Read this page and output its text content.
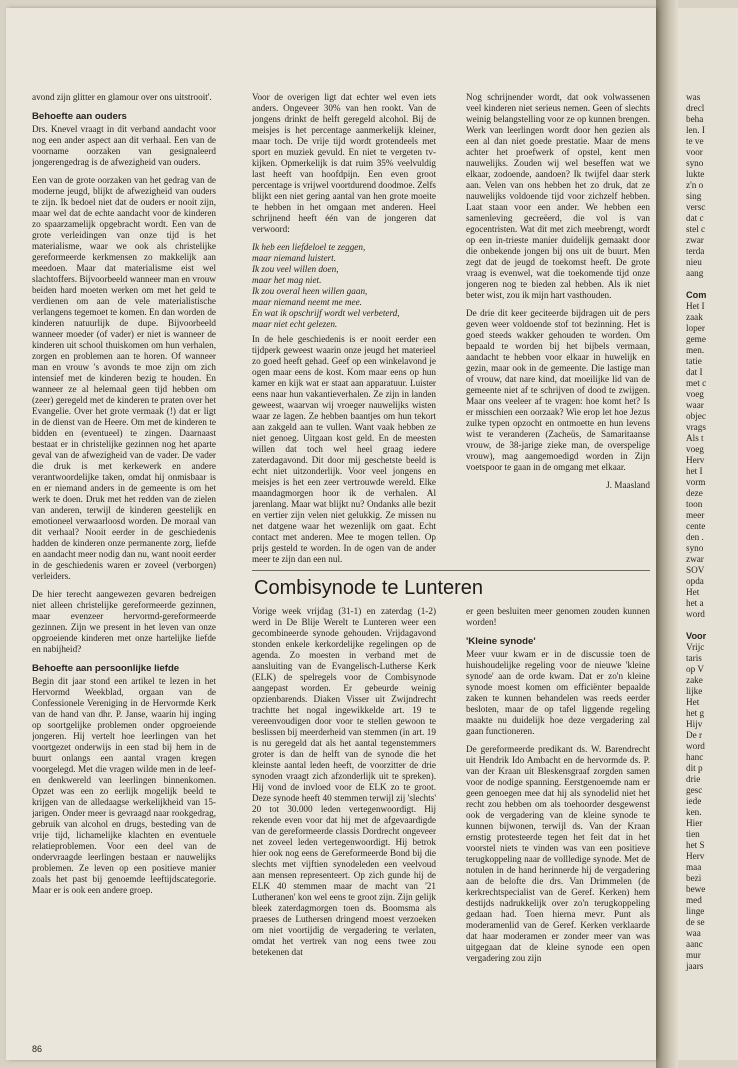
avond zijn glitter en glamour over ons uitstrooit'.

Behoefte aan ouders

Drs. Knevel vraagt in dit verband aandacht voor nog een ander aspect aan dit verhaal. Een van de voorname oorzaken van gesignaleerd jongerengedrag is de afwezigheid van ouders.

Een van de grote oorzaken van het gedrag van de moderne jeugd, blijkt de afwezigheid van ouders te zijn. Ik bedoel niet dat de ouders er nooit zijn, maar wel dat de echte aandacht voor de kinderen zo spaarzamelijk opgebracht wordt. Een van de grote verleidingen van onze tijd is het materialisme, waar we ook als christelijke gereformeerde kerkmensen zo makkelijk aan meedoen. Maar dat materialisme eist wel slachtoffers. Bijvoorbeeld wanneer man en vrouw beiden hard moeten werken om met het geld te verdienen om aan de vele materialistische verlangens tegemoet te komen. En dan worden de kinderen natuurlijk de dupe. Bijvoorbeeld wanneer moeder (of vader) er niet is wanneer de kinderen uit school thuiskomen om hun verhalen, zorgen en problemen aan te horen. Of wanneer man en vrouw 's avonds te moe zijn om zich intensief met de kinderen bezig te houden. En wanneer ze al helemaal geen tijd hebben om (zeer) geregeld met de kinderen te praten over het Evangelie. Over het grote vermaak (!) dat er ligt in de dienst van de Heere. Om met de kinderen te bidden en (eventueel) te zingen. Daarnaast bestaat er in christelijke gezinnen nog het aparte geval van de afwezigheid van de vader. De vader die druk is met kerkewerk en andere verantwoordelijke taken, omdat hij onmisbaar is en er niemand anders in de gemeente is om het werk te doen. Druk met het redden van de zielen van anderen, terwijl de kinderen geestelijk en emotioneel verwaarloosd worden. De moraal van dit verhaal? Nooit eerder in de geschiedenis hadden de kinderen onze permanente zorg, liefde en aandacht meer nodig dan nu, want nooit eerder in de geschiedenis waren er zoveel (verborgen) verleiders.

De hier terecht aangewezen gevaren bedreigen niet alleen christelijke gereformeerde gezinnen, maar evenzeer hervormd-gereformeerde gezinnen. Zijn we present in het leven van onze opgroeiende kinderen met onze hartelijke liefde en nabijheid?

Behoefte aan persoonlijke liefde

Begin dit jaar stond een artikel te lezen in het Hervormd Weekblad, orgaan van de Confessionele Vereniging in de Hervormde Kerk van de hand van dhr. P. Janse, waarin hij inging op soortgelijke problemen onder opgroeiende jongeren. Hij vertelt hoe leerlingen van het voortgezet onderwijs in een stad bij hem in de buurt onlangs een aantal vragen kregen voorgelegd. Met die vragen wilde men in de leef- en denkwereld van leerlingen binnenkomen. Opzet was een zo eerlijk mogelijk beeld te krijgen van de alledaagse werkelijkheid van 15-jarigen. Onder meer is gevraagd naar rookgedrag, gebruik van alcohol en drugs, besteding van de vrije tijd, lichamelijke klachten en eventuele relatieproblemen. Voor een deel van de ondervraagde leerlingen bestaan er nauwelijks problemen. Ze leven op een positieve manier zoals het past bij genoemde leeftijdscategorie. Maar er is ook een andere groep.

Voor de overigen ligt dat echter wel even iets anders. Ongeveer 30% van hen rookt. Van de jongens drinkt de helft geregeld alcohol. Bij de meisjes is het percentage aanmerkelijk kleiner, maar toch. De vrije tijd wordt grotendeels met sport en muziek gevuld. En niet te vergeten tv-kijken. Opmerkelijk is dat ruim 35% veelvuldig last heeft van hoofdpijn. Een even groot percentage is vrijwel voortdurend doodmoe. Zelfs blijkt een niet gering aantal van hen grote moeite te hebben in het omgaan met anderen. Heel schrijnend heeft één van de jongeren dat verwoord:

Ik heb een liefdeloel te zeggen,
maar niemand luistert.
Ik zou veel willen doen,
maar het mag niet.
Ik zou overal heen willen gaan,
maar niemand neemt me mee.
En wat ik opschrijf wordt wel verbeterd,
maar niet echt gelezen.

In de hele geschiedenis is er nooit eerder een tijdperk geweest waarin onze jeugd het materieel zo goed heeft gehad. Geef op een winkelavond je ogen maar eens de kost. Kom maar eens op hun kamer en kijk wat er staat aan apparatuur. Luister eens naar hun vakantieverhalen. Ze zijn in landen geweest, waarvan wij vroeger nauwelijks wisten waar ze lagen. Ze hebben baantjes om hun tekort aan zakgeld aan te vullen. Want vaak hebben ze niet genoeg. Uitgaan kost geld. En de meesten willen dat toch wel heel graag iedere zaterdagavond. Dit door mij geschetste beeld is echt niet uitzonderlijk. Voor veel jongens en meisjes is het een zeer vertrouwde wereld. Elke maandagmorgen hoor ik de verhalen. Al jarenlang. Maar wat blijkt nu? Ondanks alle bezit en vertier zijn velen niet gelukkig. Ze missen nu net datgene waar het wezenlijk om gaat. Echt contact met anderen. Mee te mogen tellen. Op prijs gesteld te worden. In de ogen van de ander meer te zijn dan een nul.

Nog schrijnender wordt, dat ook volwassenen veel kinderen niet serieus nemen. Geen of slechts weinig belangstelling voor ze op kunnen brengen. Werk van leerlingen wordt door hen gezien als een al dan niet goede prestatie. Maar de mens achter het proefwerk of opstel, kent men nauwelijks. Zouden wij wel beseffen wat we elkaar, zodoende, aandoen? Ik twijfel daar sterk aan. Velen van ons hebben het zo druk, dat ze nauwelijks voldoende tijd voor zichzelf hebben. Laat staan voor een ander. We hebben een samenleving gecreëerd, die vol is van egocentristen. Wat dit met zich meebrengt, wordt op een in-trieste manier duidelijk gemaakt door die onbekende jongen bij ons uit de buurt. Men zegt dat de jeugd de toekomst heeft. De grote vraag is evenwel, wat die toekomende tijd onze jongeren nog te bieden zal hebben. Als ik niet beter wist, zou ik mijn hart vasthouden.

De drie dit keer geciteerde bijdragen uit de pers geven weer voldoende stof tot bezinning. Het is goed steeds wakker gehouden te worden. Om bepaald te worden bij het bijbels vermaan, aandacht te hebben voor elkaar in huwelijk en gezin, maar ook in de gemeente. Die lastige man of vrouw, dat nare kind, dat moeilijke lid van de gemeente niet af te schrijven of dood te zwijgen. Maar ons veeleer af te vragen: hoe komt het? Is er misschien een oorzaak? Wie erop let hoe Jezus zulke typen opzocht en ontmoette en hun levens wist te veranderen (Zacheüs, de Samaritaanse vrouw, de 38-jarige zieke man, de overspelige vrouw), mag aangemoedigd worden in Zijn voetspoor te gaan in de omgang met elkaar.

J. Maasland

Combisynode te Lunteren

Vorige week vrijdag (31-1) en zaterdag (1-2) werd in De Blije Werelt te Lunteren weer een gecombineerde synode gehouden. Vrijdagavond stonden enkele kerkordelijke regelingen op de agenda. Zo moesten in verband met de aansluiting van de Evangelisch-Lutherse Kerk (ELK) de spelregels voor de Combisynode aangepast worden. Er gebeurde weinig opzienbarends. Diaken Visser uit Zwijndrecht trachtte het nogal ingewikkelde art. 19 te vereenvoudigen door voor te stellen gewoon te beslissen bij meerderheid van stemmen (in art. 19 is nu geregeld dat als het aantal tegenstemmers groter is dan de helft van de synode die het kleinste aantal leden heeft, de voorzitter de drie synoden vraagt zich afzonderlijk uit te spreken). Hij vond de invloed voor de ELK zo te groot. Deze synode heeft 40 stemmen terwijl zij 'slechts' 20 tot 30.000 leden vertegenwoordigt. Hij rekende even voor dat hij met de afgevaardigde van de gereformeerde classis Dordrecht ongeveer net zoveel leden vertegenwoordigt. Hij betrok hier ook nog eens de Gereformeerde Bond bij die slechts met vijftien synodeleden een veelvoud aan mensen representeert. Op zich gunde hij de ELK 40 stemmen maar de macht van '21 Lutheranen' kon wel eens te groot zijn. Zijn gelijk bleek zaterdagmorgen toen ds. Boomsma als praeses de Luthersen dringend moest verzoeken om niet voortijdig de vergadering te verlaten, omdat het vertrek van nog eens twee zou betekenen dat

er geen besluiten meer genomen zouden kunnen worden!

'Kleine synode'

Meer vuur kwam er in de discussie toen de huishoudelijke regeling voor de nieuwe 'kleine synode' aan de orde kwam. Dat er zo'n kleine synode moest komen om efficiënter bepaalde zaken te kunnen behandelen was reeds eerder besloten, maar de op tafel liggende regeling maakte nu duidelijk hoe deze vergadering zal gaan functioneren.

De gereformeerde predikant ds. W. Barendrecht uit Hendrik Ido Ambacht en de hervormde ds. P. van der Kraan uit Bleskensgraaf zorgden samen voor de nodige spanning. Eerstgenoemde nam er geen genoegen mee dat hij als synodelid niet het recht zou hebben om als toehoorder desgewenst ook de vergadering van de kleine synode te kunnen bijwonen, terwijl ds. Van der Kraan ernstig protesteerde tegen het feit dat in het voorstel niets te vinden was van een positieve terugkoppeling naar de vollledige synode. Met de notulen in de hand herinnerde hij de vergadering aan de belofte die drs. Van Drimmelen (de kerkrechtspecialist van de Geref. Kerken) hem destijds nadrukkelijk over zo'n terugkoppeling gedaan had. Toen hierna mevr. Punt als moderamenlid van de Geref. Kerken verklaarde dat haar moderamen er zonder meer van was uitgegaan dat de kleine synode een open vergadering zou zijn

86
was
drecl
beha
len. I
te ve
voor
syno
lukte
z'n o
sing
versc
dat c
stel c
zwar
terda
nieu
aang

Com
Het I
zaak
loper
geme
men.
tatie
dat I
met c
voeg
waar
objec
vrags
Als t
voeg
Herv
het I
vorm
deze
toon
meer
cente
den .
syno
zwar
SOV
opda
Het
het a
word

Voor
Vrijc
taris
op V
zake
lijke
Het
het g
Hijv
De r
word
hanc
dit p
drie
gesc
iede
ken.
Hier
tien
het S
Herv
maa
bezi
bewe
med
linge
de se
waa
aanc
mur
jaars
